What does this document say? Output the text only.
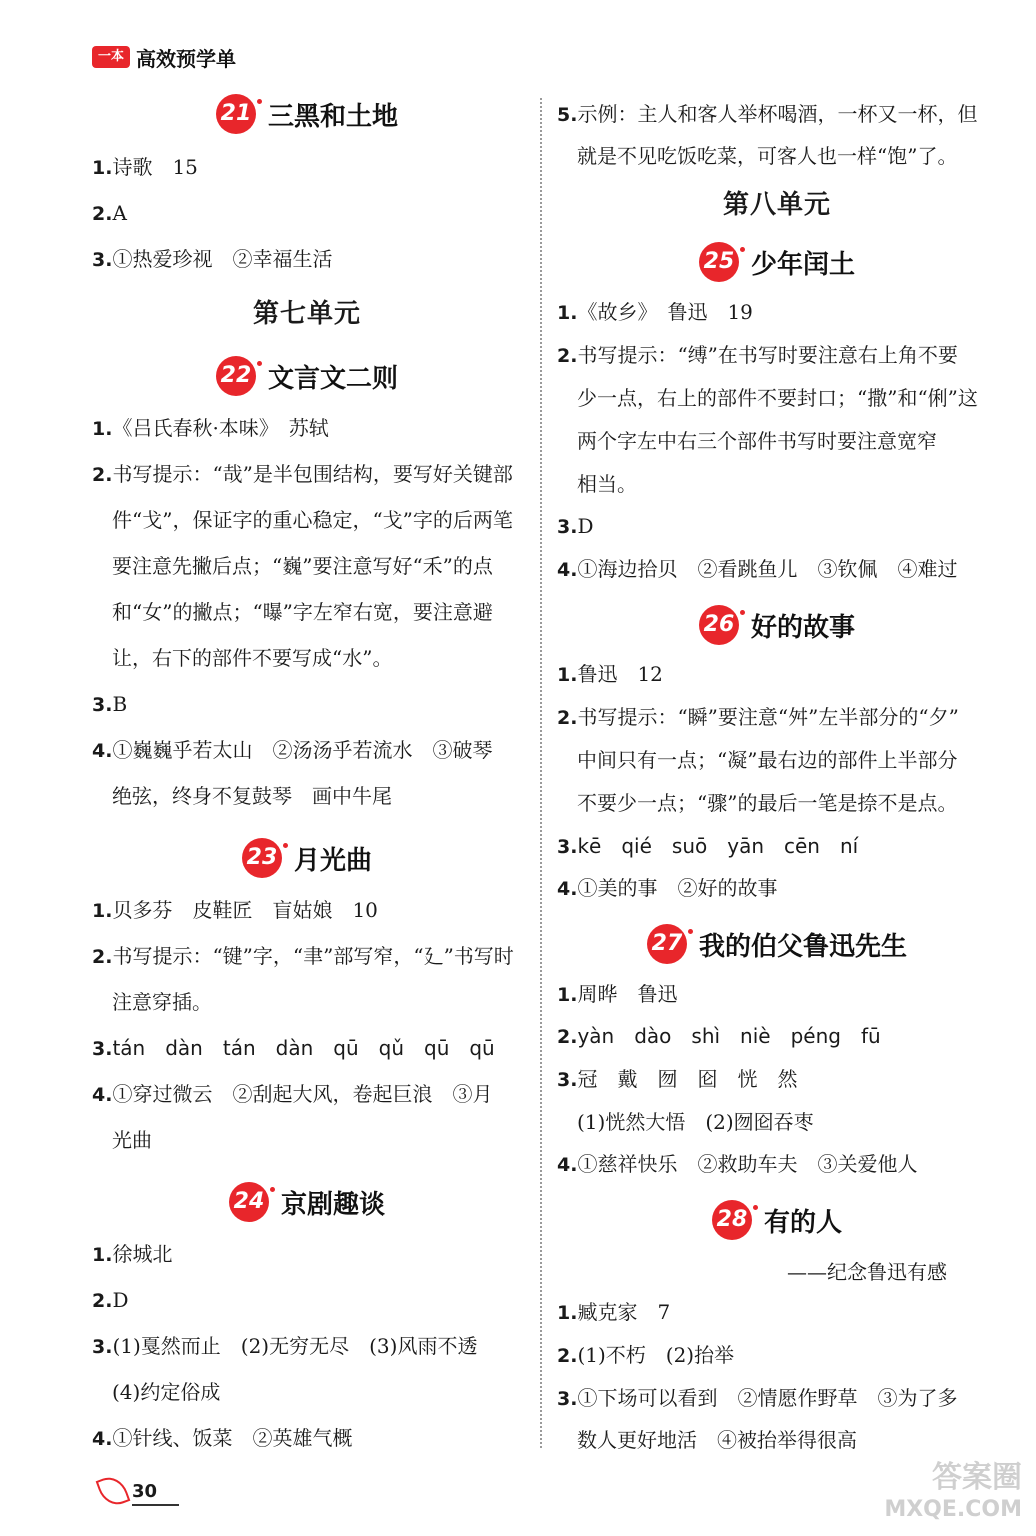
一本 高效预学单
21 三黑和土地
1.诗歌　15
2.A
3.①热爱珍视　②幸福生活
第七单元
22 文言文二则
1.《吕氏春秋·本味》　苏轼
2.书写提示：“哉”是半包围结构，要写好关键部
件“戈”，保证字的重心稳定，“戈”字的后两笔
要注意先撇后点；“巍”要注意写好“禾”的点
和“女”的撇点；“曝”字左窄右宽，要注意避
让，右下的部件不要写成“水”。
3.B
4.①巍巍乎若太山　②汤汤乎若流水　③破琴
绝弦，终身不复鼓琴　画中牛尾
23 月光曲
1.贝多芬　皮鞋匠　盲姑娘　10
2.书写提示：“键”字，“聿”部写窄，“廴”书写时
注意穿插。
3.tán　dàn　tán　dàn　qū　qǔ　qū　qū
4.①穿过微云　②刮起大风，卷起巨浪　③月
光曲
24 京剧趣谈
1.徐城北
2.D
3.(1)戛然而止　(2)无穷无尽　(3)风雨不透
(4)约定俗成
4.①针线、饭菜　②英雄气概
5.示例：主人和客人举杯喝酒，一杯又一杯，但
就是不见吃饭吃菜，可客人也一样“饱”了。
第八单元
25 少年闰土
1.《故乡》　鲁迅　19
2.书写提示：“缚”在书写时要注意右上角不要
少一点，右上的部件不要封口；“撒”和“俐”这
两个字左中右三个部件书写时要注意宽窄
相当。
3.D
4.①海边拾贝　②看跳鱼儿　③钦佩　④难过
26 好的故事
1.鲁迅　12
2.书写提示：“瞬”要注意“舛”左半部分的“夕”
中间只有一点；“凝”最右边的部件上半部分
不要少一点；“骤”的最后一笔是捺不是点。
3.kē　qié　suō　yān　cēn　ní
4.①美的事　②好的故事
27 我的伯父鲁迅先生
1.周晔　鲁迅
2.yàn　dào　shì　niè　péng　fū
3.冠　戴　囫　囵　恍　然
(1)恍然大悟　(2)囫囵吞枣
4.①慈祥快乐　②救助车夫　③关爱他人
28 有的人
——纪念鲁迅有感
1.臧克家　7
2.(1)不朽　(2)抬举
3.①下场可以看到　②情愿作野草　③为了多
数人更好地活　④被抬举得很高
30	答案圈
MXQE.COM
